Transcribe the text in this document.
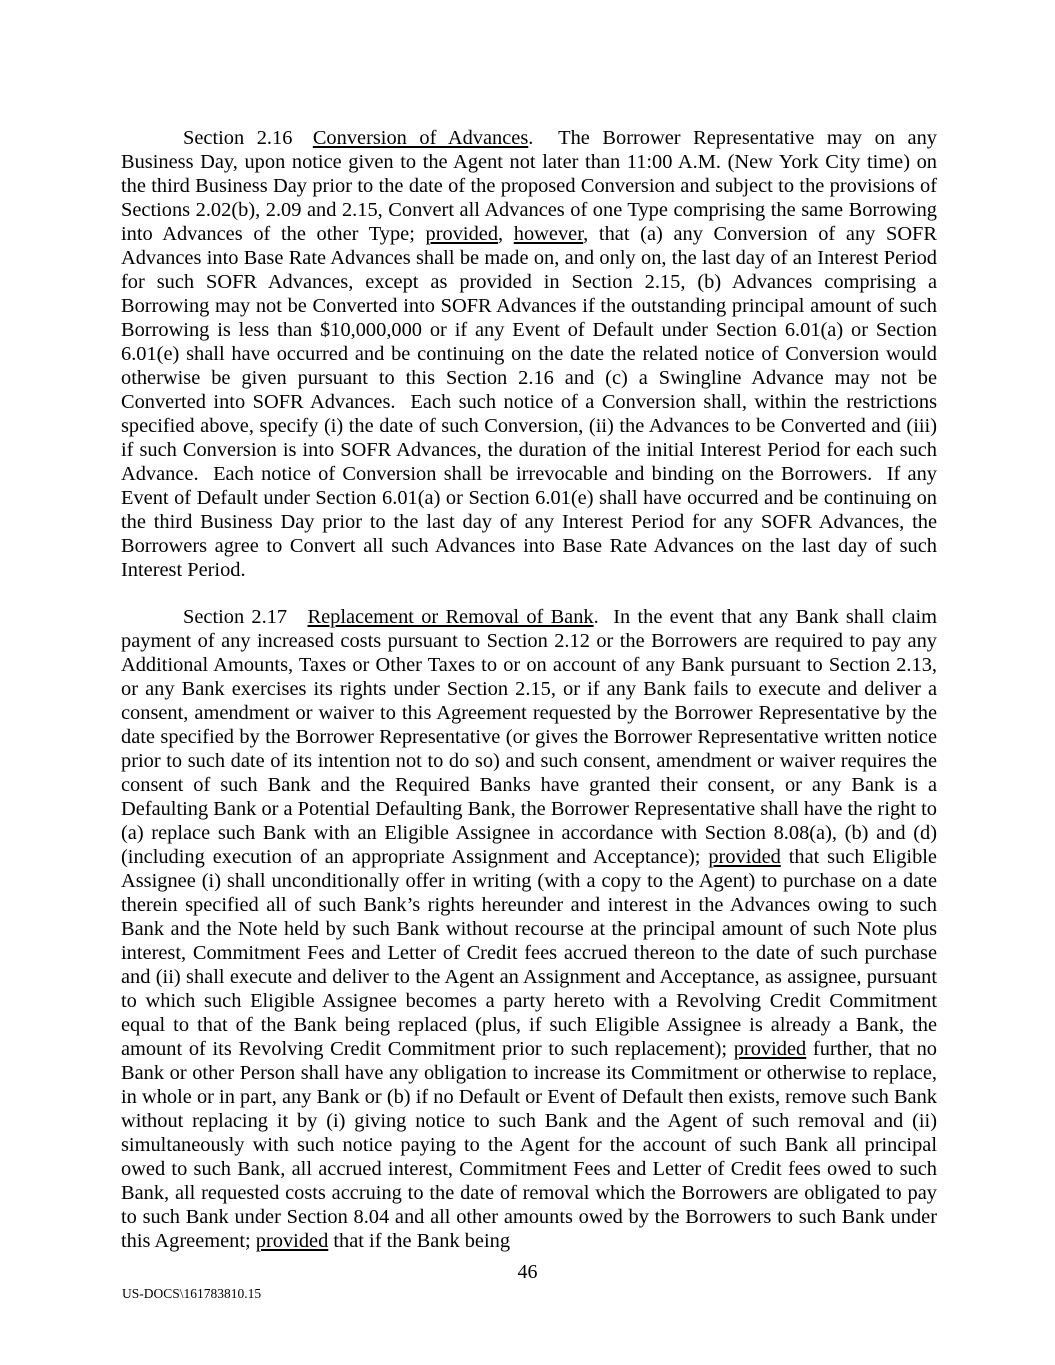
Section 2.16  Conversion of Advances.  The Borrower Representative may on any Business Day, upon notice given to the Agent not later than 11:00 A.M. (New York City time) on the third Business Day prior to the date of the proposed Conversion and subject to the provisions of Sections 2.02(b), 2.09 and 2.15, Convert all Advances of one Type comprising the same Borrowing into Advances of the other Type; provided, however, that (a) any Conversion of any SOFR Advances into Base Rate Advances shall be made on, and only on, the last day of an Interest Period for such SOFR Advances, except as provided in Section 2.15, (b) Advances comprising a Borrowing may not be Converted into SOFR Advances if the outstanding principal amount of such Borrowing is less than $10,000,000 or if any Event of Default under Section 6.01(a) or Section 6.01(e) shall have occurred and be continuing on the date the related notice of Conversion would otherwise be given pursuant to this Section 2.16 and (c) a Swingline Advance may not be Converted into SOFR Advances.  Each such notice of a Conversion shall, within the restrictions specified above, specify (i) the date of such Conversion, (ii) the Advances to be Converted and (iii) if such Conversion is into SOFR Advances, the duration of the initial Interest Period for each such Advance.  Each notice of Conversion shall be irrevocable and binding on the Borrowers.  If any Event of Default under Section 6.01(a) or Section 6.01(e) shall have occurred and be continuing on the third Business Day prior to the last day of any Interest Period for any SOFR Advances, the Borrowers agree to Convert all such Advances into Base Rate Advances on the last day of such Interest Period.

Section 2.17  Replacement or Removal of Bank.  In the event that any Bank shall claim payment of any increased costs pursuant to Section 2.12 or the Borrowers are required to pay any Additional Amounts, Taxes or Other Taxes to or on account of any Bank pursuant to Section 2.13, or any Bank exercises its rights under Section 2.15, or if any Bank fails to execute and deliver a consent, amendment or waiver to this Agreement requested by the Borrower Representative by the date specified by the Borrower Representative (or gives the Borrower Representative written notice prior to such date of its intention not to do so) and such consent, amendment or waiver requires the consent of such Bank and the Required Banks have granted their consent, or any Bank is a Defaulting Bank or a Potential Defaulting Bank, the Borrower Representative shall have the right to (a) replace such Bank with an Eligible Assignee in accordance with Section 8.08(a), (b) and (d) (including execution of an appropriate Assignment and Acceptance); provided that such Eligible Assignee (i) shall unconditionally offer in writing (with a copy to the Agent) to purchase on a date therein specified all of such Bank’s rights hereunder and interest in the Advances owing to such Bank and the Note held by such Bank without recourse at the principal amount of such Note plus interest, Commitment Fees and Letter of Credit fees accrued thereon to the date of such purchase and (ii) shall execute and deliver to the Agent an Assignment and Acceptance, as assignee, pursuant to which such Eligible Assignee becomes a party hereto with a Revolving Credit Commitment equal to that of the Bank being replaced (plus, if such Eligible Assignee is already a Bank, the amount of its Revolving Credit Commitment prior to such replacement); provided further, that no Bank or other Person shall have any obligation to increase its Commitment or otherwise to replace, in whole or in part, any Bank or (b) if no Default or Event of Default then exists, remove such Bank without replacing it by (i) giving notice to such Bank and the Agent of such removal and (ii) simultaneously with such notice paying to the Agent for the account of such Bank all principal owed to such Bank, all accrued interest, Commitment Fees and Letter of Credit fees owed to such Bank, all requested costs accruing to the date of removal which the Borrowers are obligated to pay to such Bank under Section 8.04 and all other amounts owed by the Borrowers to such Bank under this Agreement; provided that if the Bank being

46
US-DOCS\161783810.15
